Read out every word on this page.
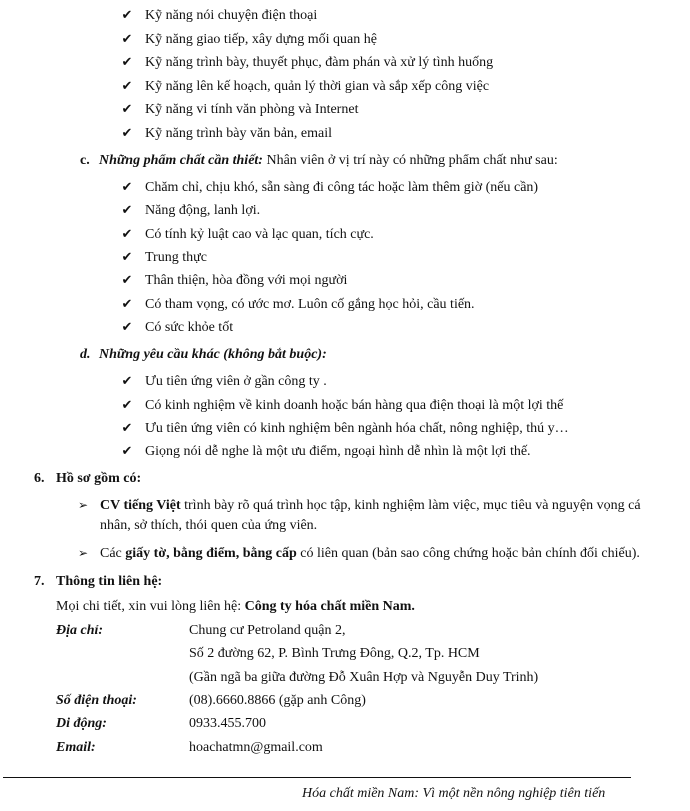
✔ Kỹ năng nói chuyện điện thoại
✔ Kỹ năng giao tiếp, xây dựng mối quan hệ
✔ Kỹ năng trình bày, thuyết phục, đàm phán và xử lý tình huống
✔ Kỹ năng lên kế hoạch, quản lý thời gian và sắp xếp công việc
✔ Kỹ năng vi tính văn phòng và Internet
✔ Kỹ năng trình bày văn bản, email
c. Những phẩm chất cần thiết: Nhân viên ở vị trí này có những phẩm chất như sau:
✔ Chăm chỉ, chịu khó, sẵn sàng đi công tác hoặc làm thêm giờ (nếu cần)
✔ Năng động, lanh lợi.
✔ Có tính kỷ luật cao và lạc quan, tích cực.
✔ Trung thực
✔ Thân thiện, hòa đồng với mọi người
✔ Có tham vọng, có ước mơ. Luôn cố gắng học hỏi, cầu tiến.
✔ Có sức khỏe tốt
d. Những yêu cầu khác (không bắt buộc):
✔ Ưu tiên ứng viên ở gần công ty .
✔ Có kinh nghiệm về kinh doanh hoặc bán hàng qua điện thoại là một lợi thế
✔ Ưu tiên ứng viên có kinh nghiệm bên ngành hóa chất, nông nghiệp, thú y…
✔ Giọng nói dễ nghe là một ưu điểm, ngoại hình dễ nhìn là một lợi thế.
6. Hồ sơ gồm có:
➢ CV tiếng Việt trình bày rõ quá trình học tập, kinh nghiệm làm việc, mục tiêu và nguyện vọng cá
nhân, sở thích, thói quen của ứng viên.
➢ Các giấy tờ, bằng điểm, bằng cấp có liên quan (bản sao công chứng hoặc bản chính đối chiếu).
7. Thông tin liên hệ:
Mọi chi tiết, xin vui lòng liên hệ: Công ty hóa chất miền Nam.
Địa chỉ:	Chung cư Petroland quận 2,
Số 2 đường 62, P. Bình Trưng Đông, Q.2, Tp. HCM
(Gần ngã ba giữa đường Đỗ Xuân Hợp và Nguyễn Duy Trinh)
Số điện thoại:	(08).6660.8866 (gặp anh Công)
Di động:	0933.455.700
Email:	hoachatmn@gmail.com
Hóa chất miền Nam: Vì một nền nông nghiệp tiên tiến
